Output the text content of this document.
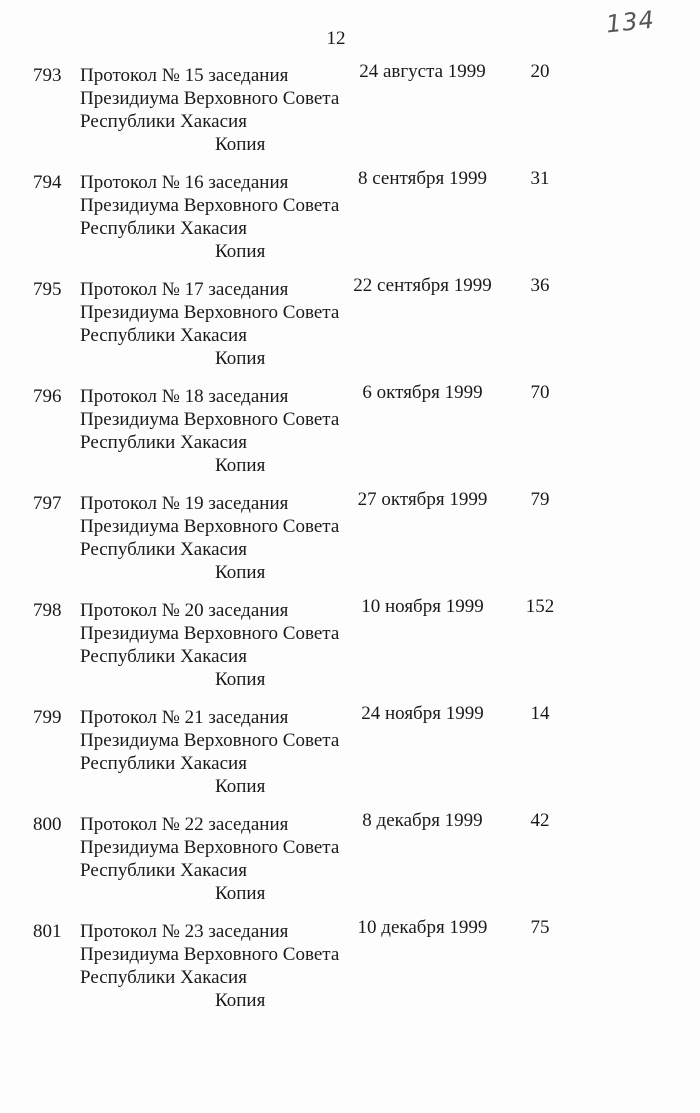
134
12
793 Протокол № 15 заседания
Президиума Верховного Совета
Республики Хакасия
Копия
24 августа 1999	20
794 Протокол № 16 заседания
Президиума Верховного Совета
Республики Хакасия
Копия
8 сентября 1999	31
795 Протокол № 17 заседания
Президиума Верховного Совета
Республики Хакасия
Копия
22 сентября 1999	36
796 Протокол № 18 заседания
Президиума Верховного Совета
Республики Хакасия
Копия
6 октября 1999	70
797 Протокол № 19 заседания
Президиума Верховного Совета
Республики Хакасия
Копия
27 октября 1999	79
798 Протокол № 20 заседания
Президиума Верховного Совета
Республики Хакасия
Копия
10 ноября 1999	152
799 Протокол № 21 заседания
Президиума Верховного Совета
Республики Хакасия
Копия
24 ноября 1999	14
800 Протокол № 22 заседания
Президиума Верховного Совета
Республики Хакасия
Копия
8 декабря 1999	42
801 Протокол № 23 заседания
Президиума Верховного Совета
Республики Хакасия
Копия
10 декабря 1999	75
